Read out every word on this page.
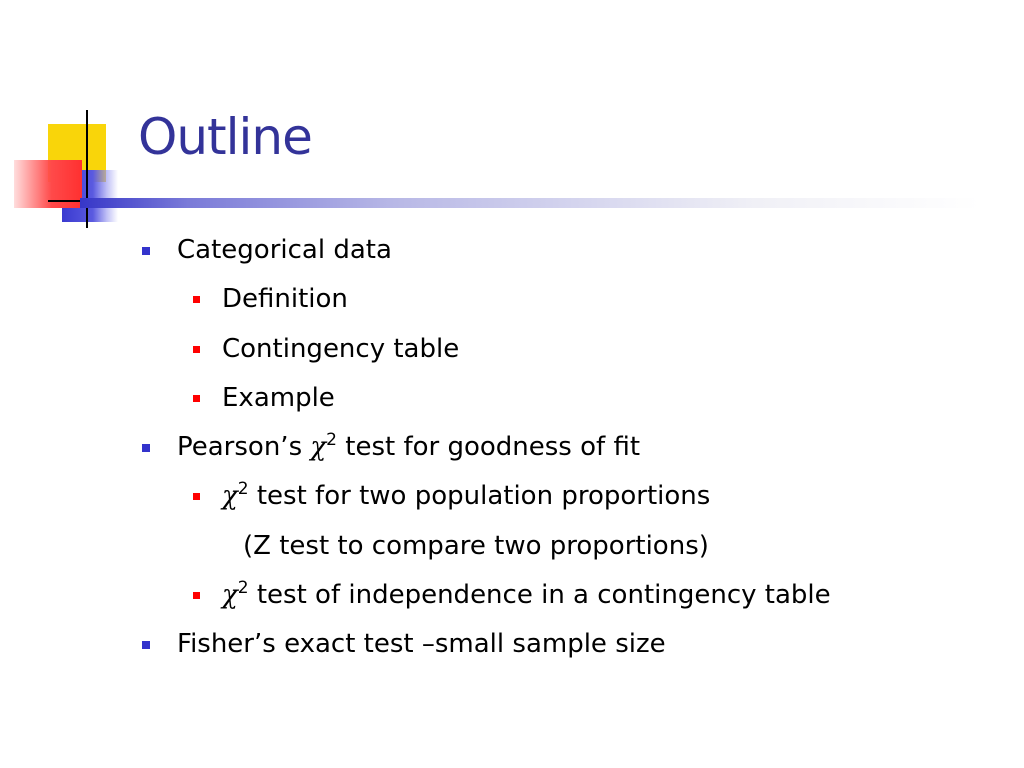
Outline
Categorical data
Definition
Contingency table
Example
Pearson’s $\chi^2$ test for goodness of fit
$\chi^2$ test for two population proportions
(Z test to compare two proportions)
$\chi^2$ test of independence in a contingency table
Fisher’s exact test –small sample size
